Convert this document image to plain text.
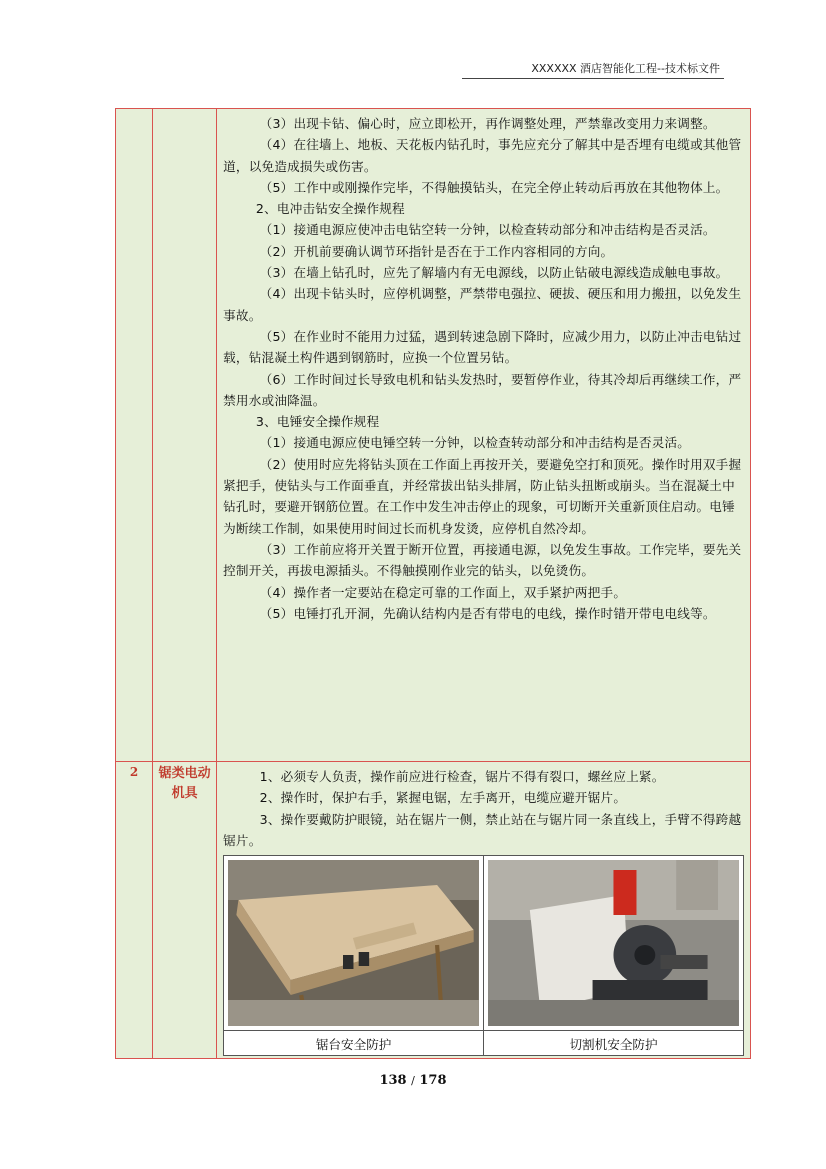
XXXXXX 酒店智能化工程--技术标文件

（3）出现卡钻、偏心时，应立即松开，再作调整处理，严禁靠改变用力来调整。

（4）在往墙上、地板、天花板内钻孔时，事先应充分了解其中是否埋有电缆或其他管道，以免造成损失或伤害。

（5）工作中或刚操作完毕，不得触摸钻头，在完全停止转动后再放在其他物体上。

2、电冲击钻安全操作规程

（1）接通电源应使冲击电钻空转一分钟，以检查转动部分和冲击结构是否灵活。

（2）开机前要确认调节环指针是否在于工作内容相同的方向。

（3）在墙上钻孔时，应先了解墙内有无电源线，以防止钻破电源线造成触电事故。

（4）出现卡钻头时，应停机调整，严禁带电强拉、硬拔、硬压和用力搬扭，以免发生事故。

（5）在作业时不能用力过猛，遇到转速急剧下降时，应减少用力，以防止冲击电钻过载，钻混凝土构件遇到钢筋时，应换一个位置另钻。

（6）工作时间过长导致电机和钻头发热时，要暂停作业，待其冷却后再继续工作，严禁用水或油降温。

3、电锤安全操作规程

（1）接通电源应使电锤空转一分钟，以检查转动部分和冲击结构是否灵活。

（2）使用时应先将钻头顶在工作面上再按开关，要避免空打和顶死。操作时用双手握紧把手，使钻头与工作面垂直，并经常拔出钻头排屑，防止钻头扭断或崩头。当在混凝土中钻孔时，要避开钢筋位置。在工作中发生冲击停止的现象，可切断开关重新顶住启动。电锤为断续工作制，如果使用时间过长而机身发烫，应停机自然冷却。

（3）工作前应将开关置于断开位置，再接通电源，以免发生事故。工作完毕，要先关控制开关，再拔电源插头。不得触摸刚作业完的钻头，以免烫伤。

（4）操作者一定要站在稳定可靠的工作面上，双手紧护两把手。

（5）电锤打孔开洞，先确认结构内是否有带电的电线，操作时错开带电电线等。

2	锯类电动机具	

1、必须专人负责，操作前应进行检查，锯片不得有裂口，螺丝应上紧。

2、操作时，保护右手，紧握电锯，左手离开，电缆应避开锯片。

3、操作要戴防护眼镜，站在锯片一侧，禁止站在与锯片同一条直线上，手臂不得跨越锯片。

锯台安全防护	切割机安全防护
138 / 178
